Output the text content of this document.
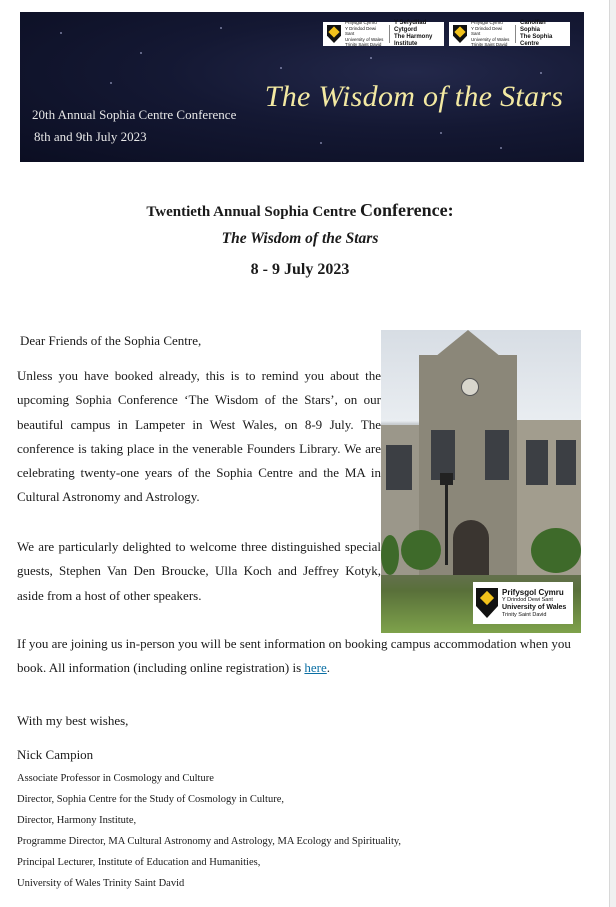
Prifysgol Cymru
Y Drindod Dewi Sant
University of Wales
Trinity Saint David
Y Sefydliad Cytgord
The Harmony Institute
Prifysgol Cymru
Y Drindod Dewi Sant
University of Wales
Trinity Saint David
Canolfan Sophia
The Sophia Centre
The Wisdom of the Stars
20th Annual Sophia Centre Conference
8th and 9th July 2023
Twentieth Annual Sophia Centre Conference:
The Wisdom of the Stars
8 - 9 July 2023

Dear Friends of the Sophia Centre,

Unless you have booked already, this is to remind you about the upcoming Sophia Conference ‘The Wisdom of the Stars’, on our beautiful campus in Lampeter in West Wales, on 8-9 July. The conference is taking place in the venerable Founders Library. We are celebrating twenty-one years of the Sophia Centre and the MA in Cultural Astronomy and Astrology.

We are particularly delighted to welcome three distinguished special guests, Stephen Van Den Broucke, Ulla Koch and Jeffrey Kotyk, aside from a host of other speakers.

If you are joining us in-person you will be sent information on booking campus accommodation when you book. All information (including online registration) is here.

With my best wishes,

Nick Campion

Associate Professor in Cosmology and Culture
Director, Sophia Centre for the Study of Cosmology in Culture,
Director, Harmony Institute,
Programme Director, MA Cultural Astronomy and Astrology, MA Ecology and Spirituality,
Principal Lecturer, Institute of Education and Humanities,
University of Wales Trinity Saint David
Prifysgol Cymru
Y Drindod Dewi Sant
University of Wales
Trinity Saint David
